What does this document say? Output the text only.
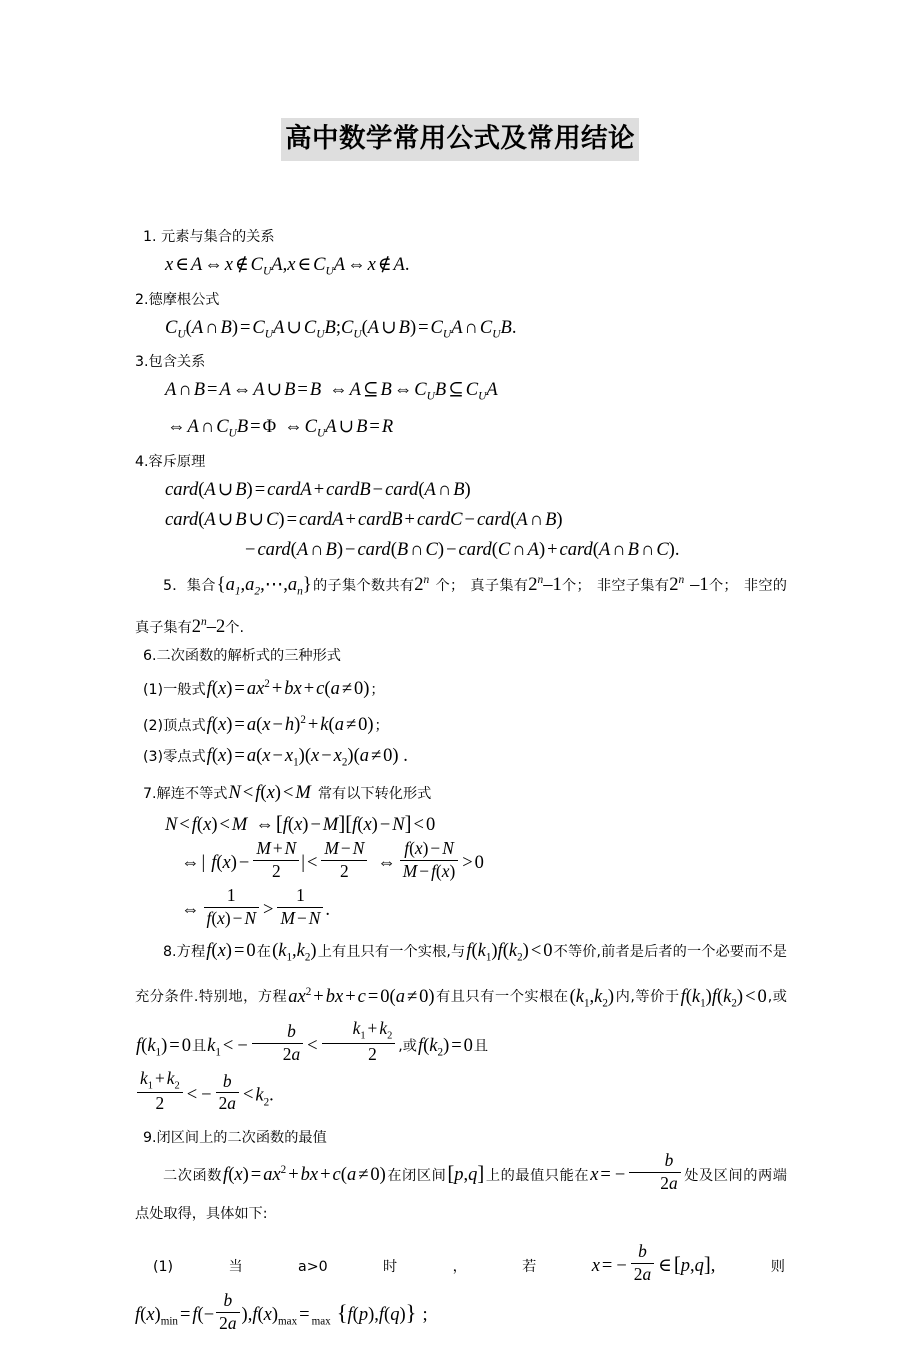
高中数学常用公式及常用结论

1. 元素与集合的关系

x ∈ A ⇔ x ∉ $C_UA,x$ ∈ $C_UA$ ⇔ x ∉ A.

2.德摩根公式

$C_U(A$ ∩ $B) = C_UA$ ∪ $C_UB;C_U(A$ ∪ $B) = C_UA$ ∩ $C_UB$.

3.包含关系

A ∩ B = A ⇔ A ∪ B = B ⇔ A ⊆ B ⇔ $C_UB$ ⊆ $C_UA$

⇔ A ∩ $C_UB = \Phi$ ⇔ $C_UA$ ∪ B = R

4.容斥原理

card(A ∪ B) = cardA + cardB − card(A ∩ B)

card(A ∪ B ∪ C) = cardA + cardB + cardC − card(A ∩ B)

− card(A ∩ B) − card(B ∩ C) − card(C ∩ A) + card(A ∩ B ∩ C).

5．集合$\{a_1,a_2,\cdots,a_n\}$的子集个数共有2$^n$ 个； 真子集有2$^n$–1个； 非空子集有2$^n$ –1个； 非空的真子集有2$^n$–2个.

6.二次函数的解析式的三种形式

(1)一般式$f(x) = ax^2$ + bx + c(a ≠ 0)；

(2)顶点式$f(x) = a(x - h)^2 + k(a \ne 0)$；

(3)零点式$f(x) = a(x - x_1)(x - x_2)(a \ne 0)$ .

7.解连不等式N < f(x) < M 常有以下转化形式

N < f(x) < M ⇔[f(x) − M][f(x) − N] < 0

⇔ | $f(x) - \frac{M + N}{2}$ | < $\frac{M - N}{2}$ ⇔ $\frac{f(x) - N}{M - f(x)} > 0$

⇔ $\frac{1}{f(x) - N} > \frac{1}{M - N}$ .

8.方程f(x) = 0在$(k_1,k_2)$上有且只有一个实根,与$f(k_1)f(k_2) < 0$不等价,前者是后者的一个必要而不是充分条件.特别地，方程$ax^2$ + bx + c = 0(a ≠ 0)有且只有一个实根在$(k_1,k_2)$内,等价于$f(k_1)f(k_2) < 0$,或$f(k_1) = 0$且$k_1$ < − $\frac{b}{2a} < \frac{k_1 + k_2}{2}$ ,或$f(k_2) = 0$且

$\frac{k_1 + k_2}{2}$ < − $\frac{b}{2a} < k_2$.

9.闭区间上的二次函数的最值

二次函数$f(x) = ax^2$ + bx + c(a ≠ 0)在闭区间[p,q]上的最值只能在x = − $\frac{b}{2a}$ 处及区间的两端点处取得，具体如下:

(1)	当	a>0	时	，	若	x = − $\frac{b}{2a}$ ∈[p,q],	则

$f(x)_{min} = f(- \frac{b}{2a} ),f(x)_{max} = _{max}$ {f(p),f(q)} ;
